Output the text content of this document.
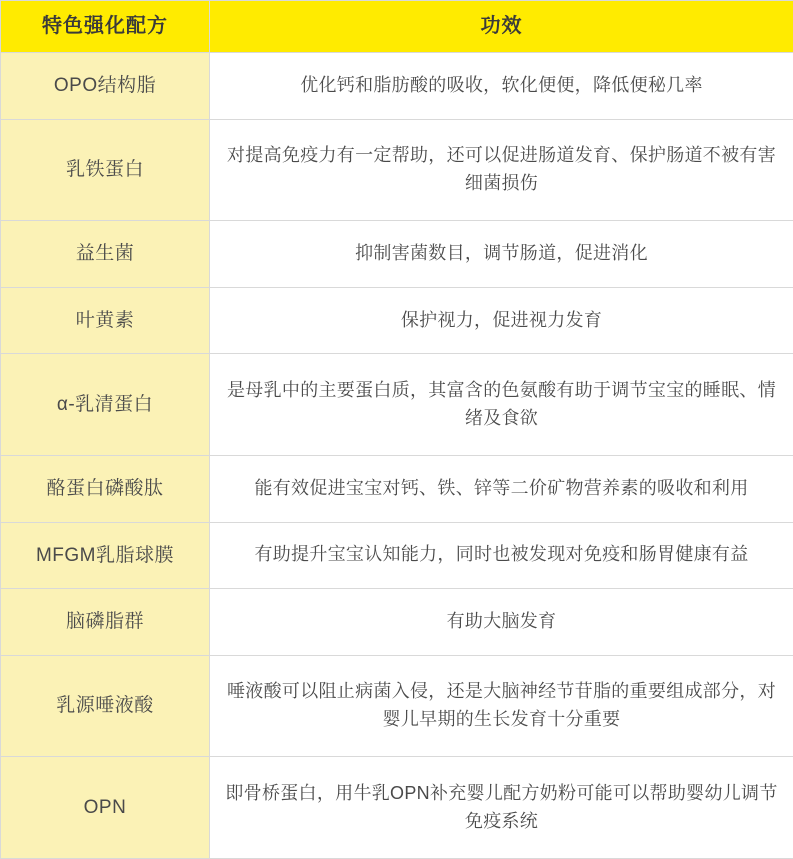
特色强化配方	功效
OPO结构脂	优化钙和脂肪酸的吸收，软化便便，降低便秘几率

乳铁蛋白	对提高免疫力有一定帮助，还可以促进肠道发育、保护肠道不被有害细菌损伤

益生菌	抑制害菌数目，调节肠道，促进消化

叶黄素	保护视力，促进视力发育

α-乳清蛋白	是母乳中的主要蛋白质，其富含的色氨酸有助于调节宝宝的睡眠、情绪及食欲

酪蛋白磷酸肽	能有效促进宝宝对钙、铁、锌等二价矿物营养素的吸收和利用

MFGM乳脂球膜	有助提升宝宝认知能力，同时也被发现对免疫和肠胃健康有益

脑磷脂群	有助大脑发育

乳源唾液酸	唾液酸可以阻止病菌入侵，还是大脑神经节苷脂的重要组成部分，对婴儿早期的生长发育十分重要

OPN	即骨桥蛋白，用牛乳OPN补充婴儿配方奶粉可能可以帮助婴幼儿调节免疫系统
